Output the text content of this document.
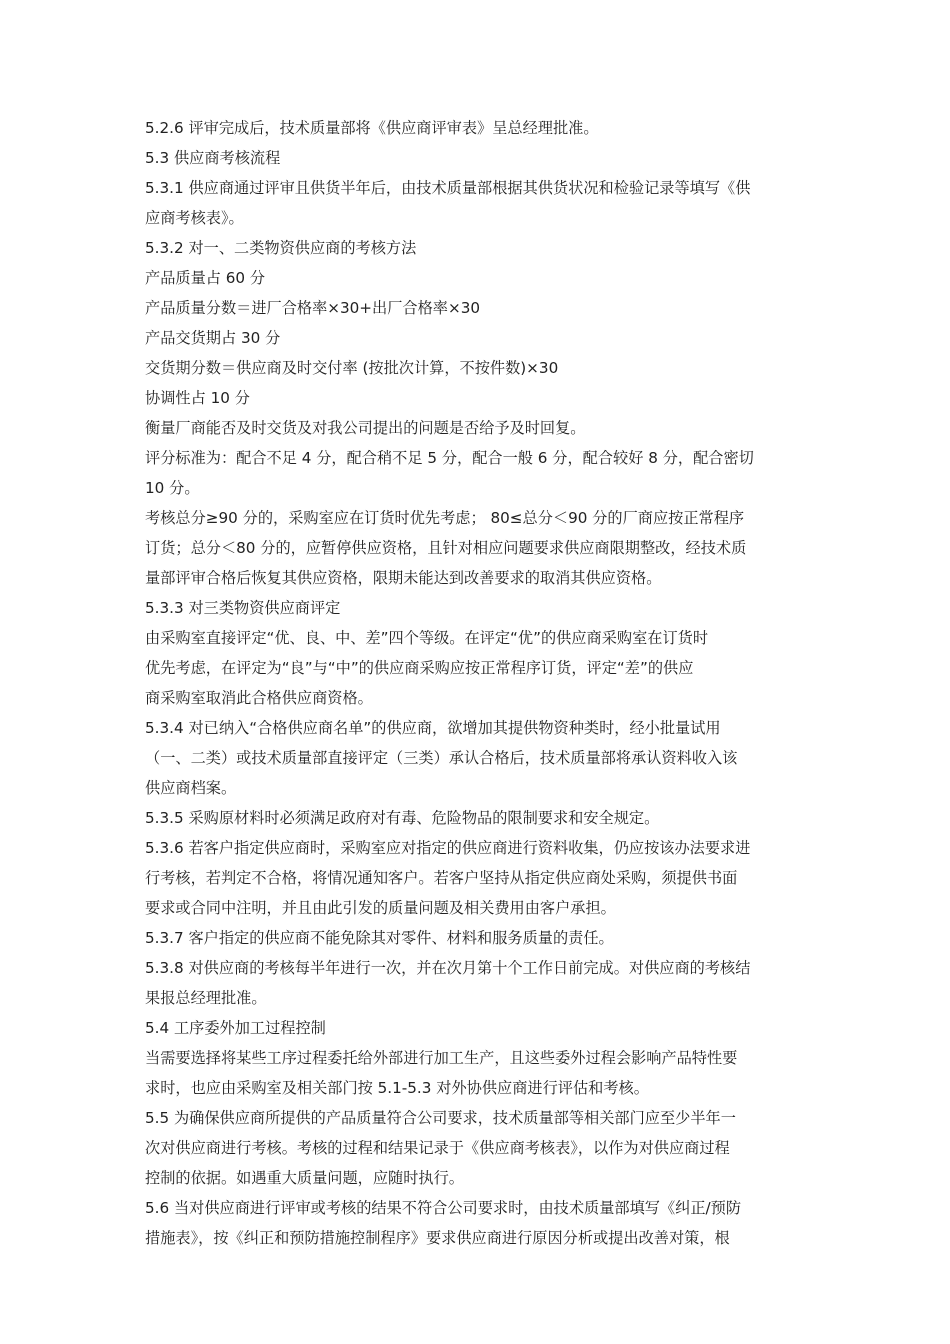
5.2.6 评审完成后，技术质量部将《供应商评审表》呈总经理批准。
5.3 供应商考核流程
5.3.1 供应商通过评审且供货半年后，由技术质量部根据其供货状况和检验记录等填写《供
应商考核表》。
5.3.2 对一、二类物资供应商的考核方法
产品质量占 60 分
产品质量分数＝进厂合格率×30+出厂合格率×30
产品交货期占 30 分
交货期分数＝供应商及时交付率 (按批次计算，不按件数)×30
协调性占 10 分
衡量厂商能否及时交货及对我公司提出的问题是否给予及时回复。
评分标准为：配合不足 4 分，配合稍不足 5 分，配合一般 6 分，配合较好 8 分，配合密切
10 分。
考核总分≥90 分的，采购室应在订货时优先考虑； 80≤总分＜90 分的厂商应按正常程序
订货；总分＜80 分的，应暂停供应资格，且针对相应问题要求供应商限期整改，经技术质
量部评审合格后恢复其供应资格，限期未能达到改善要求的取消其供应资格。
5.3.3 对三类物资供应商评定
由采购室直接评定“优、良、中、差”四个等级。在评定“优”的供应商采购室在订货时
优先考虑，在评定为“良”与“中”的供应商采购应按正常程序订货，评定“差”的供应
商采购室取消此合格供应商资格。
5.3.4 对已纳入“合格供应商名单”的供应商，欲增加其提供物资种类时，经小批量试用
（一、二类）或技术质量部直接评定（三类）承认合格后，技术质量部将承认资料收入该
供应商档案。
5.3.5 采购原材料时必须满足政府对有毒、危险物品的限制要求和安全规定。
5.3.6 若客户指定供应商时，采购室应对指定的供应商进行资料收集，仍应按该办法要求进
行考核，若判定不合格，将情况通知客户。若客户坚持从指定供应商处采购，须提供书面
要求或合同中注明，并且由此引发的质量问题及相关费用由客户承担。
5.3.7 客户指定的供应商不能免除其对零件、材料和服务质量的责任。
5.3.8 对供应商的考核每半年进行一次，并在次月第十个工作日前完成。对供应商的考核结
果报总经理批准。
5.4 工序委外加工过程控制
当需要选择将某些工序过程委托给外部进行加工生产，且这些委外过程会影响产品特性要
求时，也应由采购室及相关部门按 5.1-5.3 对外协供应商进行评估和考核。
5.5 为确保供应商所提供的产品质量符合公司要求，技术质量部等相关部门应至少半年一
次对供应商进行考核。考核的过程和结果记录于《供应商考核表》，以作为对供应商过程
控制的依据。如遇重大质量问题，应随时执行。
5.6 当对供应商进行评审或考核的结果不符合公司要求时，由技术质量部填写《纠正/预防
措施表》，按《纠正和预防措施控制程序》要求供应商进行原因分析或提出改善对策，根
